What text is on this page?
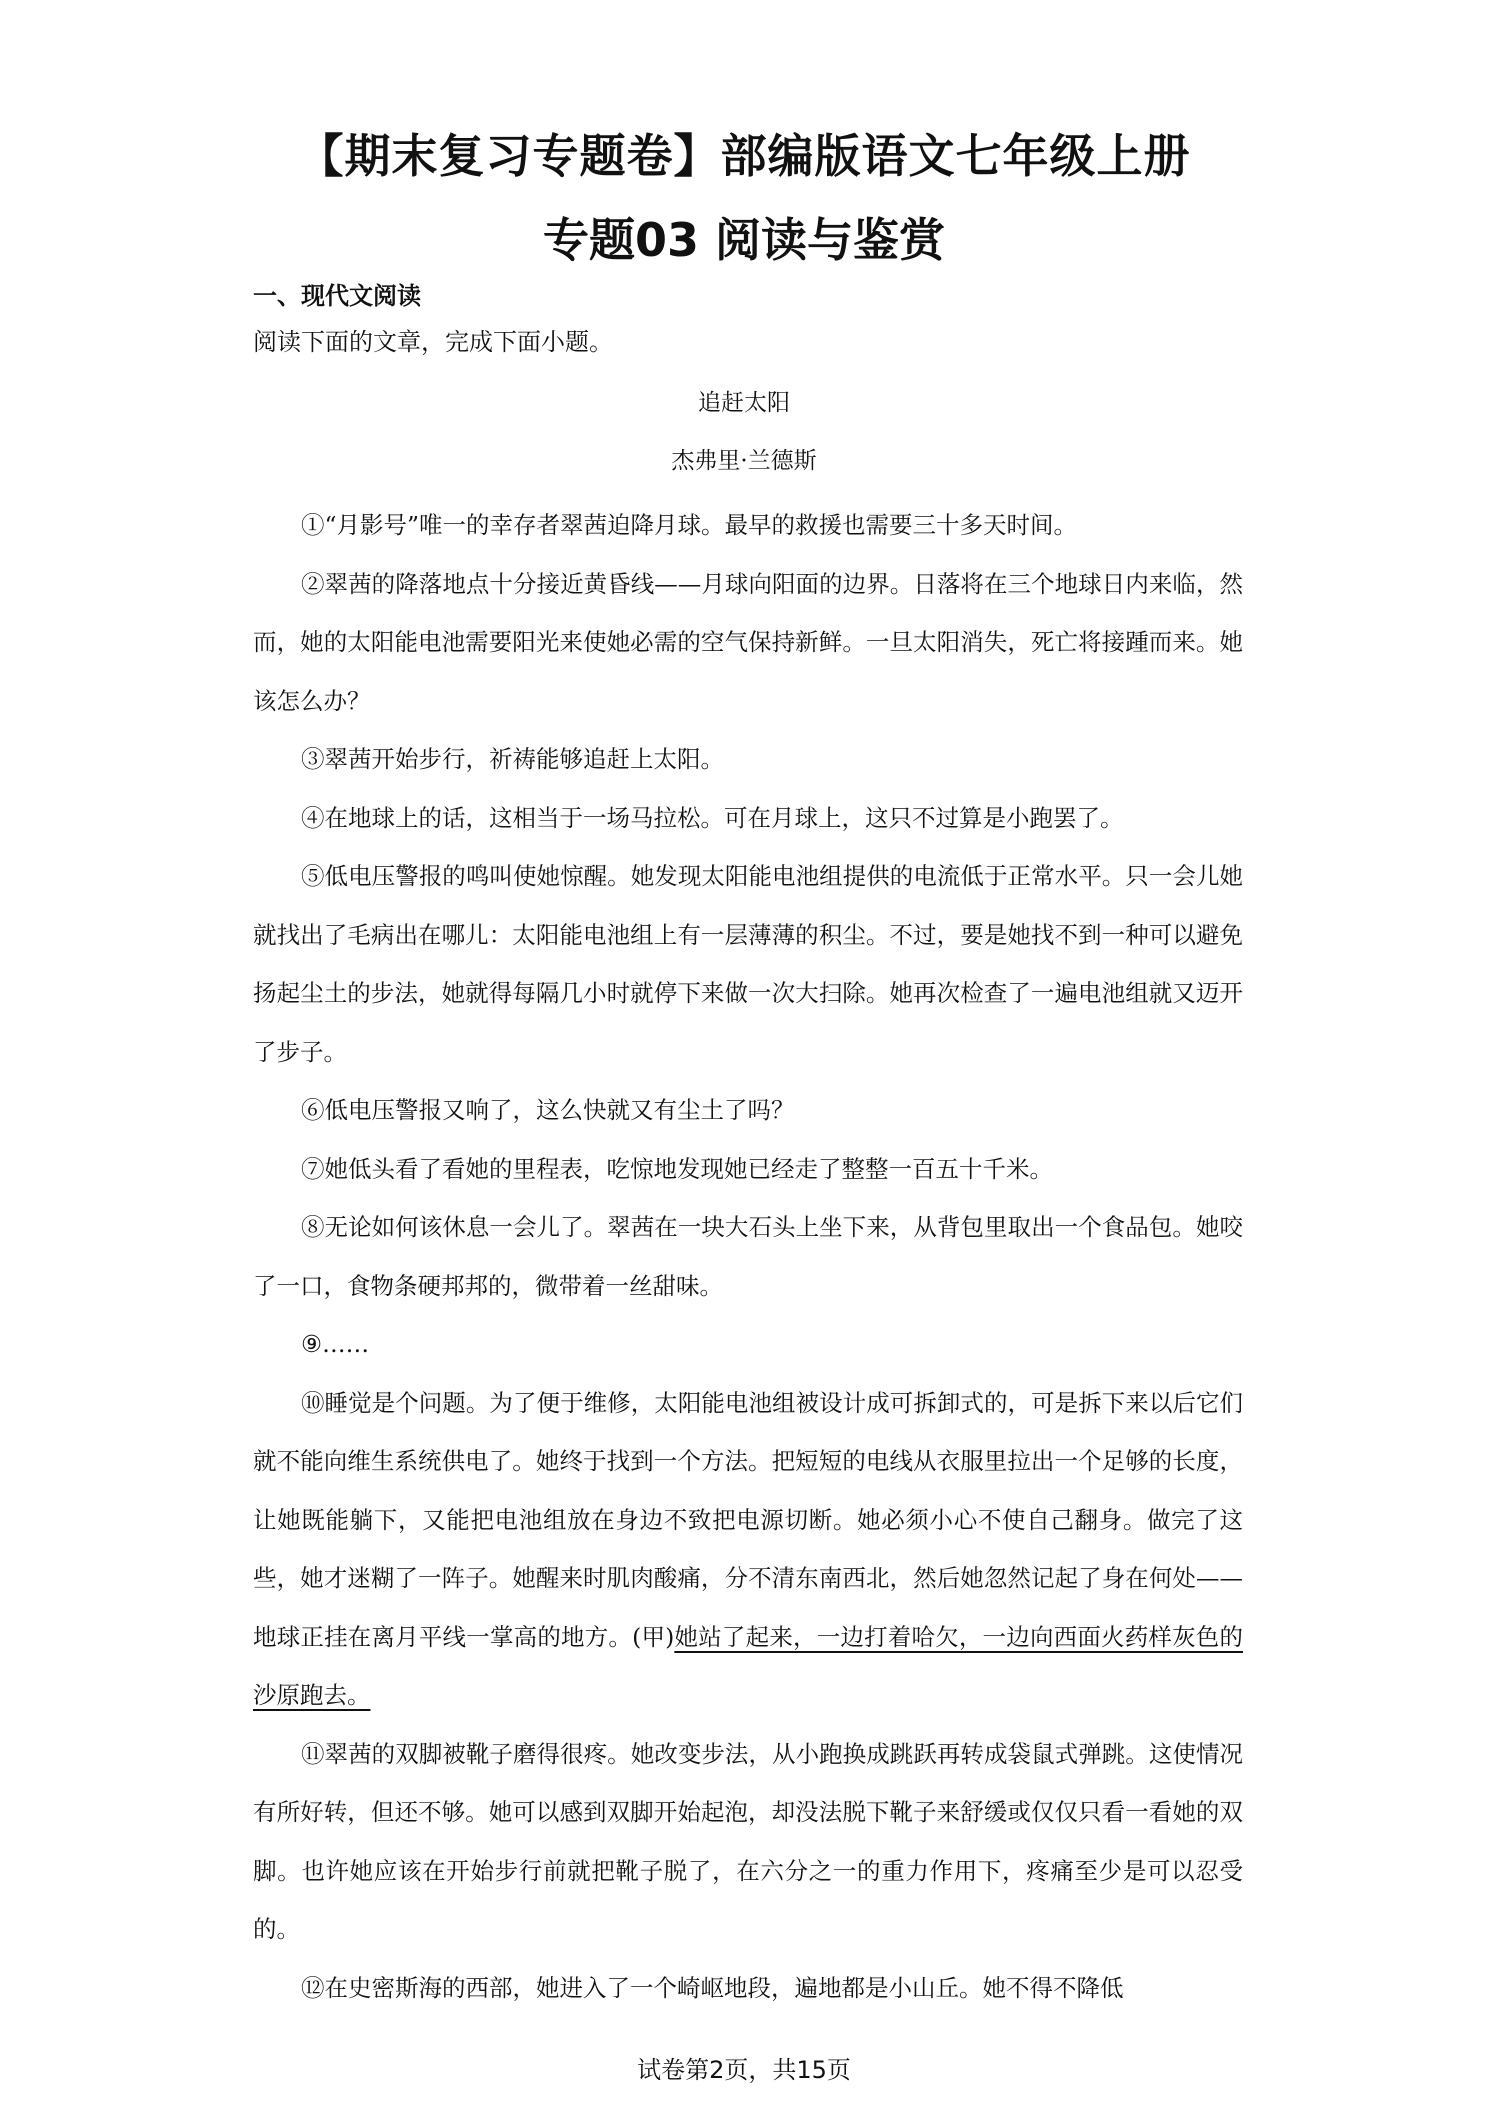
【期末复习专题卷】部编版语文七年级上册
专题03 阅读与鉴赏
一、现代文阅读
阅读下面的文章，完成下面小题。
追赶太阳
杰弗里·兰德斯

①“月影号”唯一的幸存者翠茜迫降月球。最早的救援也需要三十多天时间。

②翠茜的降落地点十分接近黄昏线——月球向阳面的边界。日落将在三个地球日内来临，然而，她的太阳能电池需要阳光来使她必需的空气保持新鲜。一旦太阳消失，死亡将接踵而来。她该怎么办？

③翠茜开始步行，祈祷能够追赶上太阳。

④在地球上的话，这相当于一场马拉松。可在月球上，这只不过算是小跑罢了。

⑤低电压警报的鸣叫使她惊醒。她发现太阳能电池组提供的电流低于正常水平。只一会儿她就找出了毛病出在哪儿：太阳能电池组上有一层薄薄的积尘。不过，要是她找不到一种可以避免扬起尘土的步法，她就得每隔几小时就停下来做一次大扫除。她再次检查了一遍电池组就又迈开了步子。

⑥低电压警报又响了，这么快就又有尘土了吗？

⑦她低头看了看她的里程表，吃惊地发现她已经走了整整一百五十千米。

⑧无论如何该休息一会儿了。翠茜在一块大石头上坐下来，从背包里取出一个食品包。她咬了一口，食物条硬邦邦的，微带着一丝甜味。

⑨……

⑩睡觉是个问题。为了便于维修，太阳能电池组被设计成可拆卸式的，可是拆下来以后它们就不能向维生系统供电了。她终于找到一个方法。把短短的电线从衣服里拉出一个足够的长度，让她既能躺下，又能把电池组放在身边不致把电源切断。她必须小心不使自己翻身。做完了这些，她才迷糊了一阵子。她醒来时肌肉酸痛，分不清东南西北，然后她忽然记起了身在何处——地球正挂在离月平线一掌高的地方。(甲)她站了起来，一边打着哈欠，一边向西面火药样灰色的沙原跑去。

⑪翠茜的双脚被靴子磨得很疼。她改变步法，从小跑换成跳跃再转成袋鼠式弹跳。这使情况有所好转，但还不够。她可以感到双脚开始起泡，却没法脱下靴子来舒缓或仅仅只看一看她的双脚。也许她应该在开始步行前就把靴子脱了，在六分之一的重力作用下，疼痛至少是可以忍受的。

⑫在史密斯海的西部，她进入了一个崎岖地段，遍地都是小山丘。她不得不降低

试卷第2页，共15页
